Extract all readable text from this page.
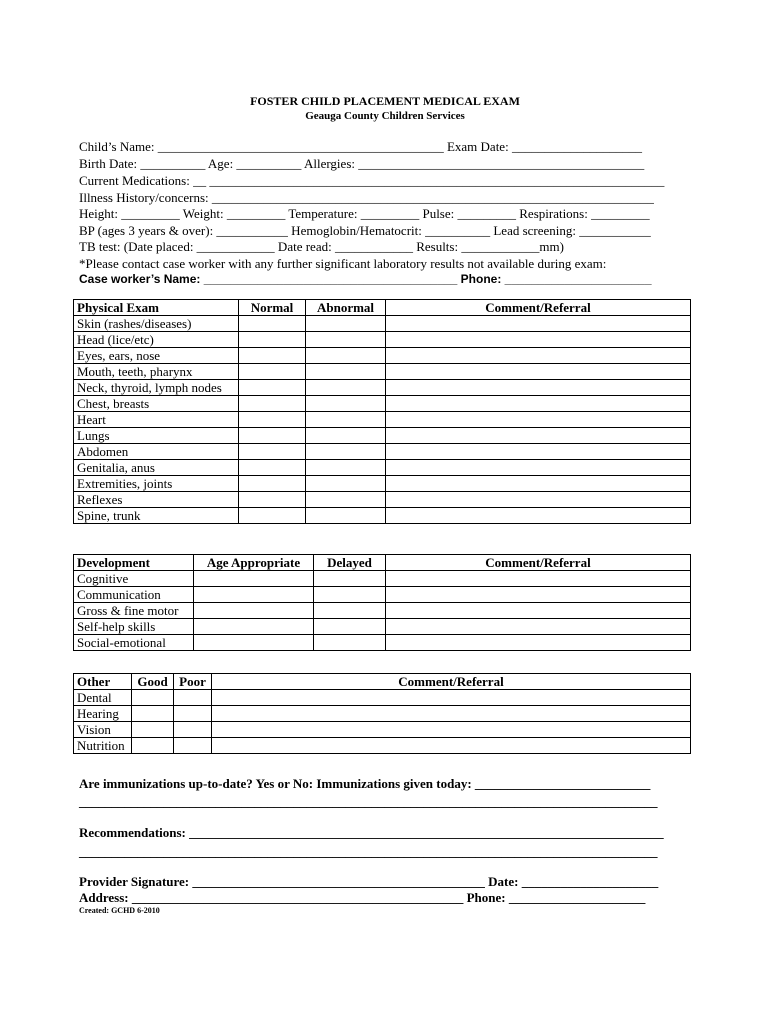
FOSTER CHILD PLACEMENT MEDICAL EXAM
Geauga County Children Services
Child’s Name: ____________________________________________ Exam Date: ____________________
Birth Date: __________ Age: __________ Allergies: ____________________________________________
Current Medications: __ ______________________________________________________________________
Illness History/concerns: ____________________________________________________________________
Height: _________ Weight: _________ Temperature: _________ Pulse: _________ Respirations: _________
BP (ages 3 years & over): ___________ Hemoglobin/Hematocrit: __________ Lead screening: ___________
TB test: (Date placed: ____________ Date read: ____________ Results: ____________mm)
*Please contact case worker with any further significant laboratory results not available during exam:
Case worker’s Name: ______________________________________ Phone: ______________________
Physical Exam	Normal	Abnormal	Comment/Referral
Skin (rashes/diseases)			
Head (lice/etc)			
Eyes, ears, nose			
Mouth, teeth, pharynx			
Neck, thyroid, lymph nodes			
Chest, breasts			
Heart			
Lungs			
Abdomen			
Genitalia, anus			
Extremities, joints			
Reflexes			
Spine, trunk			
Development	Age Appropriate	Delayed	Comment/Referral
Cognitive			
Communication			
Gross & fine motor			
Self-help skills			
Social-emotional			
Other	Good	Poor	Comment/Referral
Dental			
Hearing			
Vision			
Nutrition			
Are immunizations up-to-date? Yes or No: Immunizations given today: ___________________________
_________________________________________________________________________________________
Recommendations: _________________________________________________________________________
_________________________________________________________________________________________
Provider Signature: _____________________________________________ Date: _____________________
Address: ___________________________________________________ Phone: _____________________
Created: GCHD 6-2010
